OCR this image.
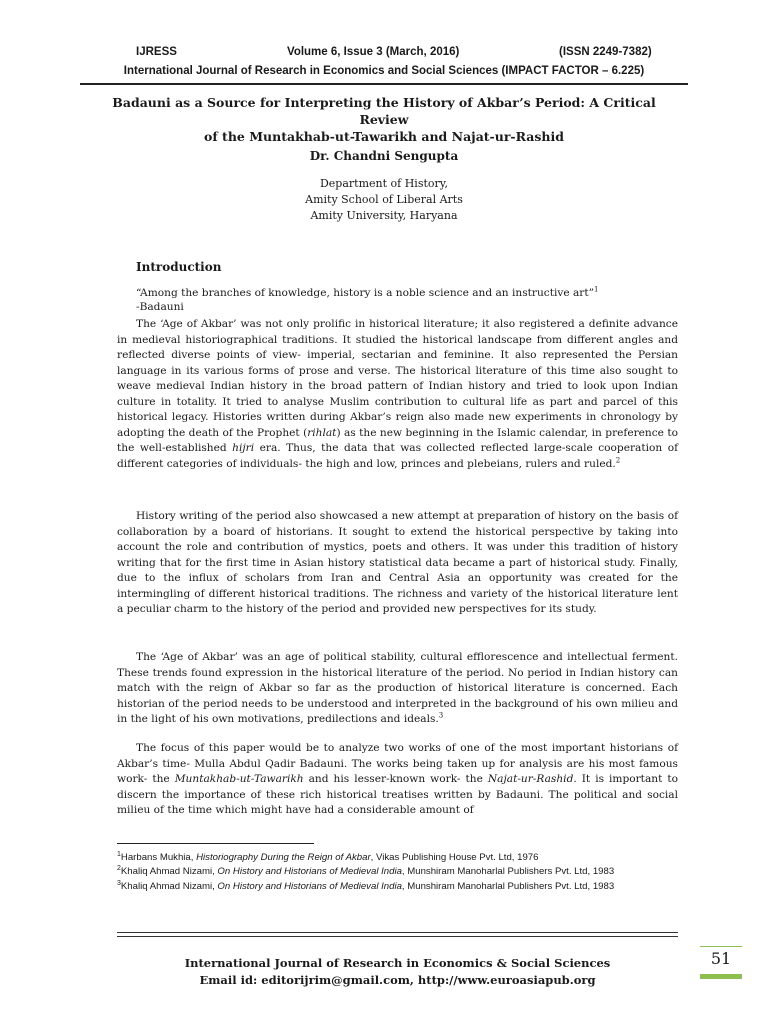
IJRESS	Volume 6, Issue 3 (March, 2016)	(ISSN 2249-7382)
International Journal of Research in Economics and Social Sciences (IMPACT FACTOR – 6.225)
Badauni as a Source for Interpreting the History of Akbar’s Period: A Critical Review
of the Muntakhab-ut-Tawarikh and Najat-ur-Rashid
Dr. Chandni Sengupta
Department of History,
Amity School of Liberal Arts
Amity University, Haryana
Introduction
“Among the branches of knowledge, history is a noble science and an instructive art”$^1$
-Badauni

The ‘Age of Akbar’ was not only prolific in historical literature; it also registered a definite advance in medieval historiographical traditions. It studied the historical landscape from different angles and reflected diverse points of view- imperial, sectarian and feminine. It also represented the Persian language in its various forms of prose and verse. The historical literature of this time also sought to weave medieval Indian history in the broad pattern of Indian history and tried to look upon Indian culture in totality. It tried to analyse Muslim contribution to cultural life as part and parcel of this historical legacy. Histories written during Akbar’s reign also made new experiments in chronology by adopting the death of the Prophet (rihlat) as the new beginning in the Islamic calendar, in preference to the well-established hijri era. Thus, the data that was collected reflected large-scale cooperation of different categories of individuals- the high and low, princes and plebeians, rulers and ruled.$^2$

History writing of the period also showcased a new attempt at preparation of history on the basis of collaboration by a board of historians. It sought to extend the historical perspective by taking into account the role and contribution of mystics, poets and others. It was under this tradition of history writing that for the first time in Asian history statistical data became a part of historical study. Finally, due to the influx of scholars from Iran and Central Asia an opportunity was created for the intermingling of different historical traditions. The richness and variety of the historical literature lent a peculiar charm to the history of the period and provided new perspectives for its study.

The ‘Age of Akbar’ was an age of political stability, cultural efflorescence and intellectual ferment. These trends found expression in the historical literature of the period. No period in Indian history can match with the reign of Akbar so far as the production of historical literature is concerned. Each historian of the period needs to be understood and interpreted in the background of his own milieu and in the light of his own motivations, predilections and ideals.$^3$

The focus of this paper would be to analyze two works of one of the most important historians of Akbar’s time- Mulla Abdul Qadir Badauni. The works being taken up for analysis are his most famous work- the Muntakhab-ut-Tawarikh and his lesser-known work- the Najat-ur-Rashid. It is important to discern the importance of these rich historical treatises written by Badauni. The political and social milieu of the time which might have had a considerable amount of

$^1$Harbans Mukhia, Historiography During the Reign of Akbar, Vikas Publishing House Pvt. Ltd, 1976
$^2$Khaliq Ahmad Nizami, On History and Historians of Medieval India, Munshiram Manoharlal Publishers Pvt. Ltd, 1983
$^3$Khaliq Ahmad Nizami, On History and Historians of Medieval India, Munshiram Manoharlal Publishers Pvt. Ltd, 1983
International Journal of Research in Economics & Social Sciences
Email id: editorijrim@gmail.com, http://www.euroasiapub.org
51
